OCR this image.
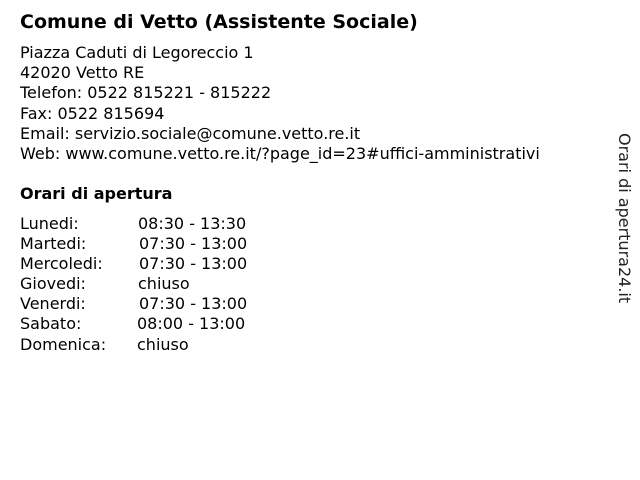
Comune di Vetto (Assistente Sociale)
Piazza Caduti di Legoreccio 1
42020 Vetto RE
Telefon: 0522 815221 - 815222
Fax: 0522 815694
Email: servizio.sociale@comune.vetto.re.it
Web: www.comune.vetto.re.it/?page_id=23#uffici-amministrativi
Orari di apertura
Lunedi:	08:30 - 13:30
Martedi:	07:30 - 13:00
Mercoledi: 07:30 - 13:00
Giovedi:	chiuso
Venerdi:	07:30 - 13:00
Sabato:	08:00 - 13:00
Domenica: chiuso
Orari di apertura24.it
